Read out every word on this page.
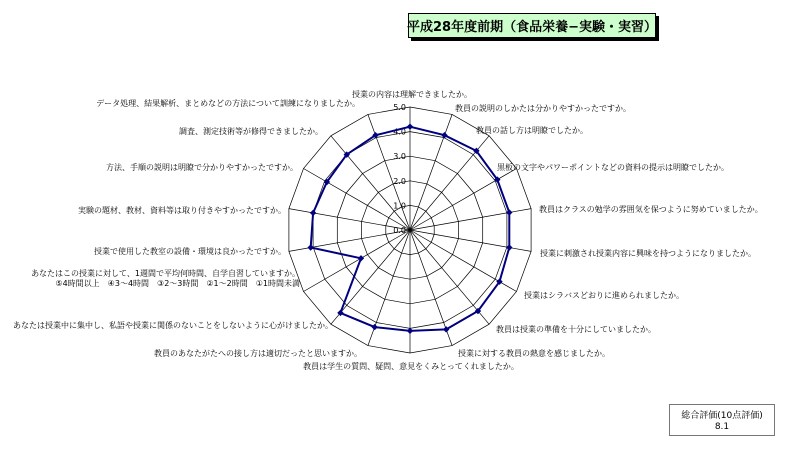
平成28年度前期（食品栄養−実験・実習）
0.0
1.0
2.0
3.0
4.0
5.0
授業の内容は理解できましたか。
教員の説明のしかたは分かりやすかったですか。
教員の話し方は明瞭でしたか。
黒板の文字やパワーポイントなどの資料の提示は明瞭でしたか。
教員はクラスの勉学の雰囲気を保つように努めていましたか。
授業に刺激され授業内容に興味を持つようになりましたか。
授業はシラバスどおりに進められましたか。
教員は授業の準備を十分にしていましたか。
授業に対する教員の熱意を感じましたか。
教員は学生の質問、疑問、意見をくみとってくれましたか。
教員のあなたがたへの接し方は適切だったと思いますか。
あなたは授業中に集中し、私語や授業に関係のないことをしないように心がけましたか。
あなたはこの授業に対して、1週間で平均何時間、自学自習していますか。 ⑤4時間以上　④3〜4時間　③2〜3時間　②1〜2時間　①1時間未満
授業で使用した教室の設備・環境は良かったですか。
実験の題材、教材、資料等は取り付きやすかったですか。
方法、手順の説明は明瞭で分かりやすかったですか。
調査、測定技術等が修得できましたか。
データ処理、結果解析、まとめなどの方法について訓練になりましたか。
総合評価(10点評価)
8.1
